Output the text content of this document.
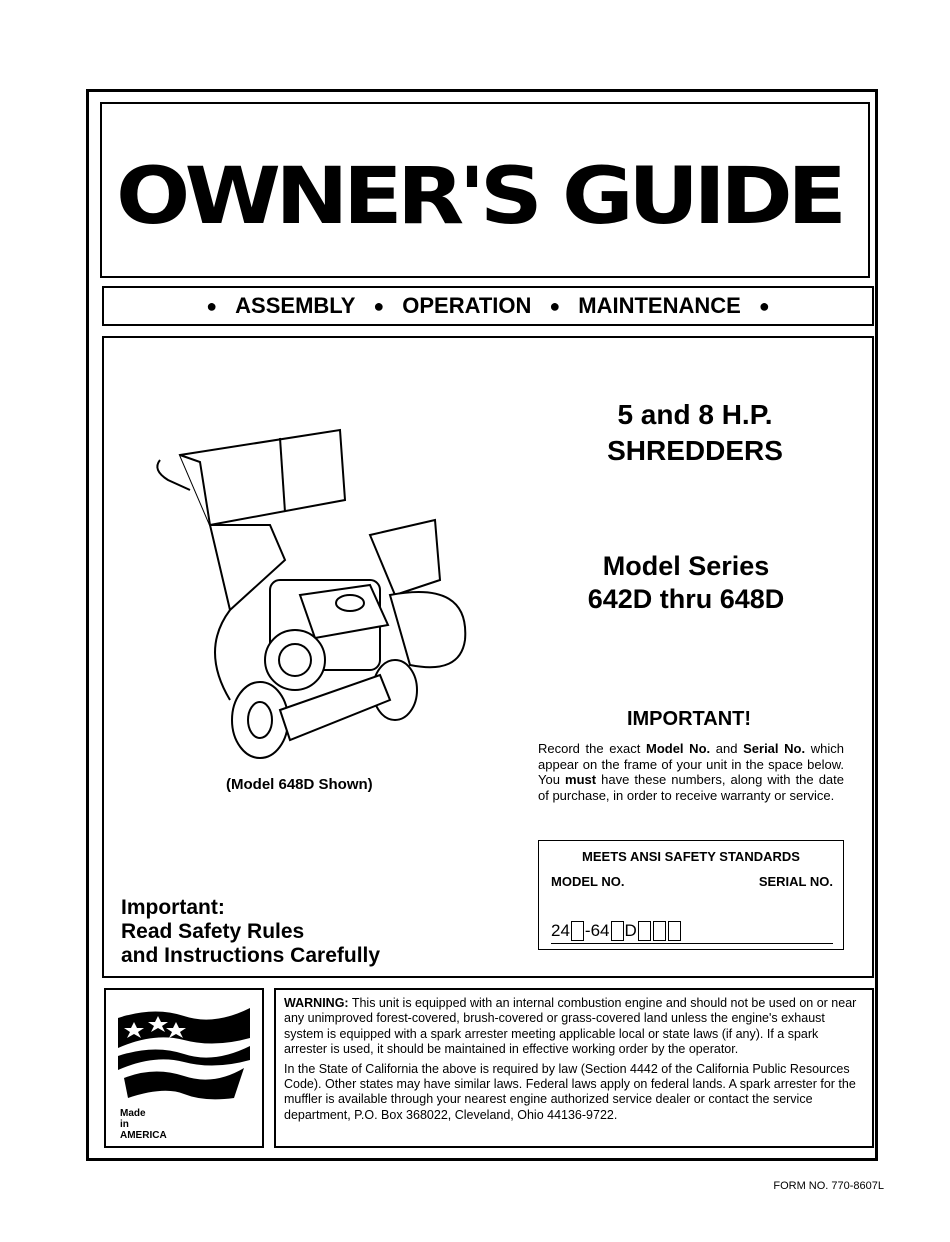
OWNER'S GUIDE
● ASSEMBLY ● OPERATION ● MAINTENANCE ●
5 and 8 H.P.
SHREDDERS
Model Series
642D thru 648D
(Model 648D Shown)
IMPORTANT!
Record the exact Model No. and Serial No. which appear on the frame of your unit in the space below. You must have these numbers, along with the date of purchase, in order to receive warranty or service.
MEETS ANSI SAFETY STANDARDS
MODEL NO.	SERIAL NO.
24 -64 D
Important:
Read Safety Rules
and Instructions Carefully
Made
in
AMERICA

WARNING: This unit is equipped with an internal combustion engine and should not be used on or near any unimproved forest-covered, brush-covered or grass-covered land unless the engine's exhaust system is equipped with a spark arrester meeting applicable local or state laws (if any). If a spark arrester is used, it should be maintained in effective working order by the operator.

In the State of California the above is required by law (Section 4442 of the California Public Resources Code). Other states may have similar laws. Federal laws apply on federal lands. A spark arrester for the muffler is available through your nearest engine authorized service dealer or contact the service department, P.O. Box 368022, Cleveland, Ohio 44136-9722.

FORM NO. 770-8607L
